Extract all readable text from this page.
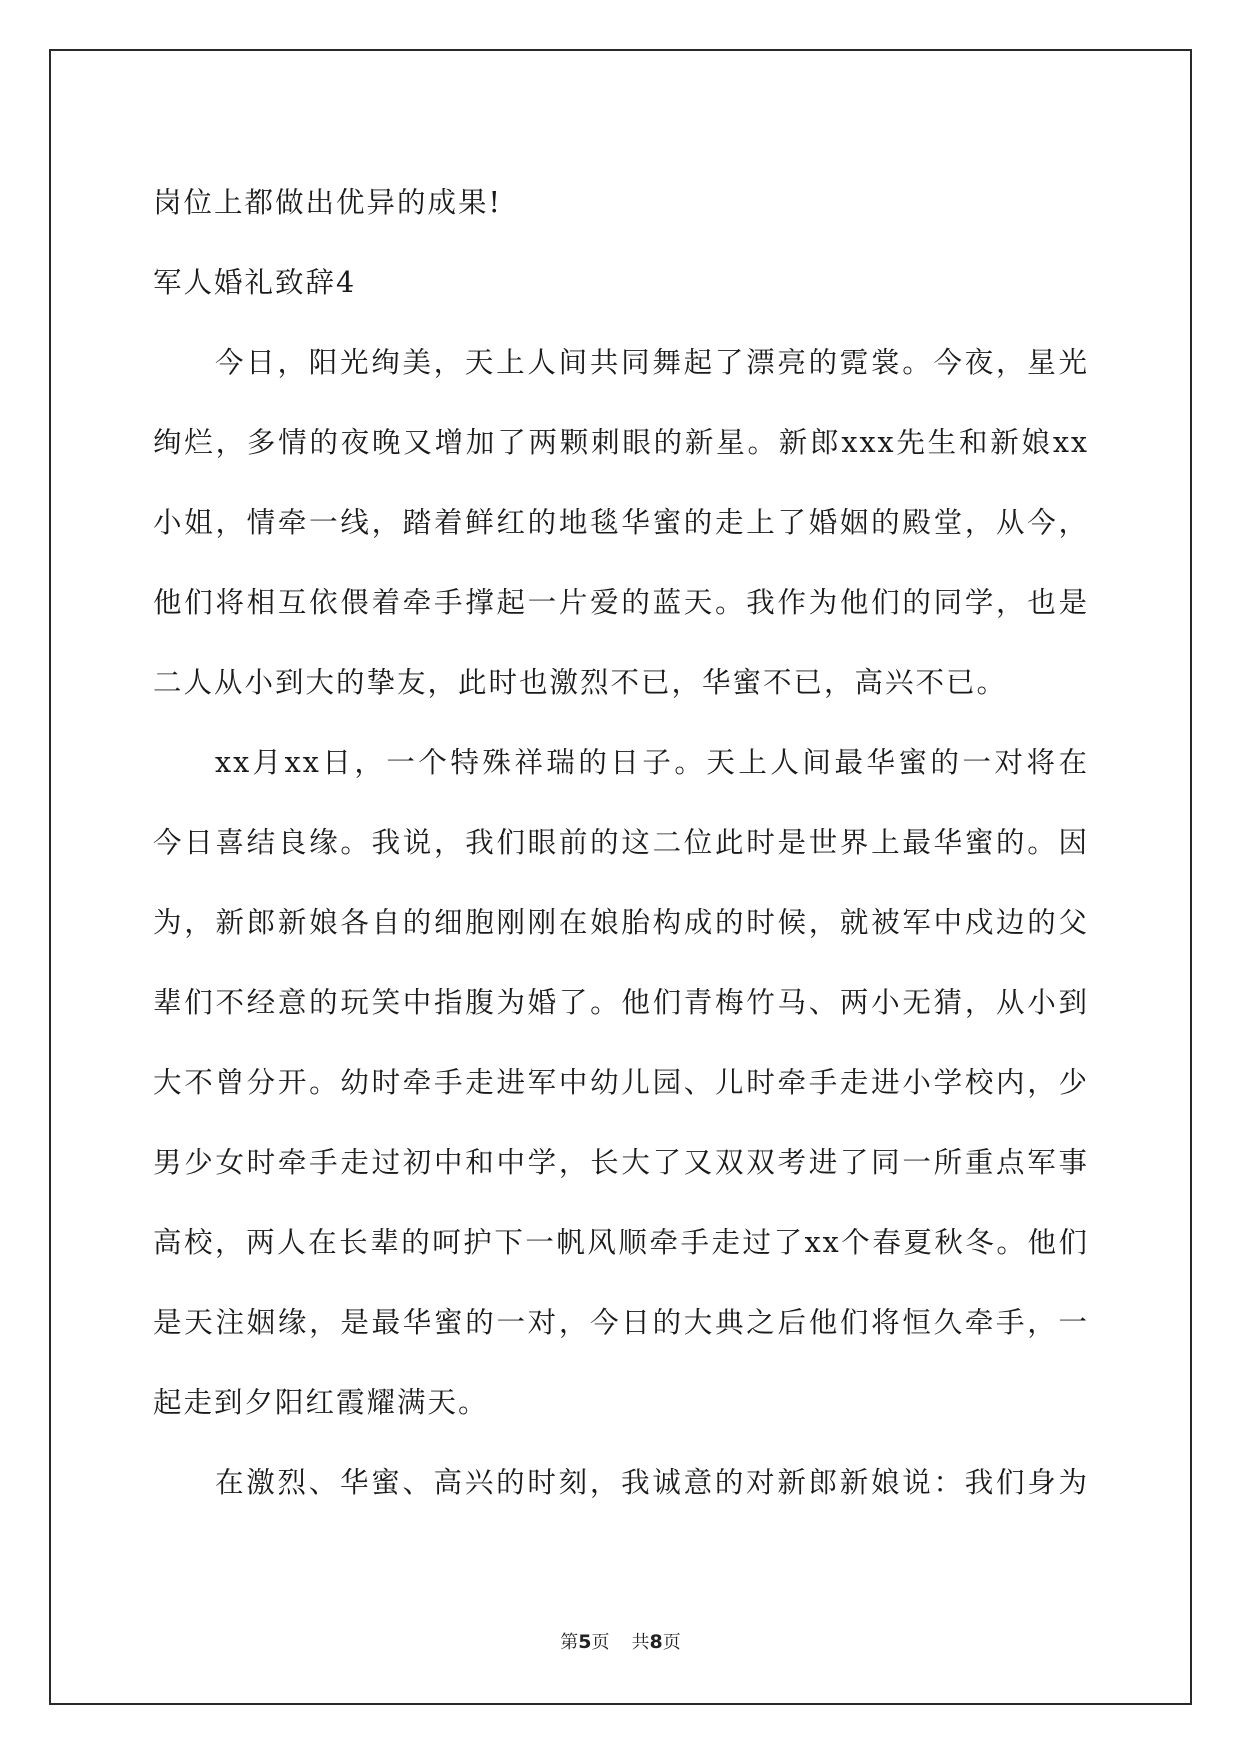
岗位上都做出优异的成果!
军人婚礼致辞4
今日，阳光绚美，天上人间共同舞起了漂亮的霓裳。今夜，星光
绚烂，多情的夜晚又增加了两颗刺眼的新星。新郎xxx先生和新娘xx
小姐，情牵一线，踏着鲜红的地毯华蜜的走上了婚姻的殿堂，从今，
他们将相互依偎着牵手撑起一片爱的蓝天。我作为他们的同学，也是
二人从小到大的挚友，此时也激烈不已，华蜜不已，高兴不已。
xx月xx日，一个特殊祥瑞的日子。天上人间最华蜜的一对将在
今日喜结良缘。我说，我们眼前的这二位此时是世界上最华蜜的。因
为，新郎新娘各自的细胞刚刚在娘胎构成的时候，就被军中戍边的父
辈们不经意的玩笑中指腹为婚了。他们青梅竹马、两小无猜，从小到
大不曾分开。幼时牵手走进军中幼儿园、儿时牵手走进小学校内，少
男少女时牵手走过初中和中学，长大了又双双考进了同一所重点军事
高校，两人在长辈的呵护下一帆风顺牵手走过了xx个春夏秋冬。他们
是天注姻缘，是最华蜜的一对，今日的大典之后他们将恒久牵手，一
起走到夕阳红霞耀满天。
在激烈、华蜜、高兴的时刻，我诚意的对新郎新娘说：我们身为
第5页 共8页
